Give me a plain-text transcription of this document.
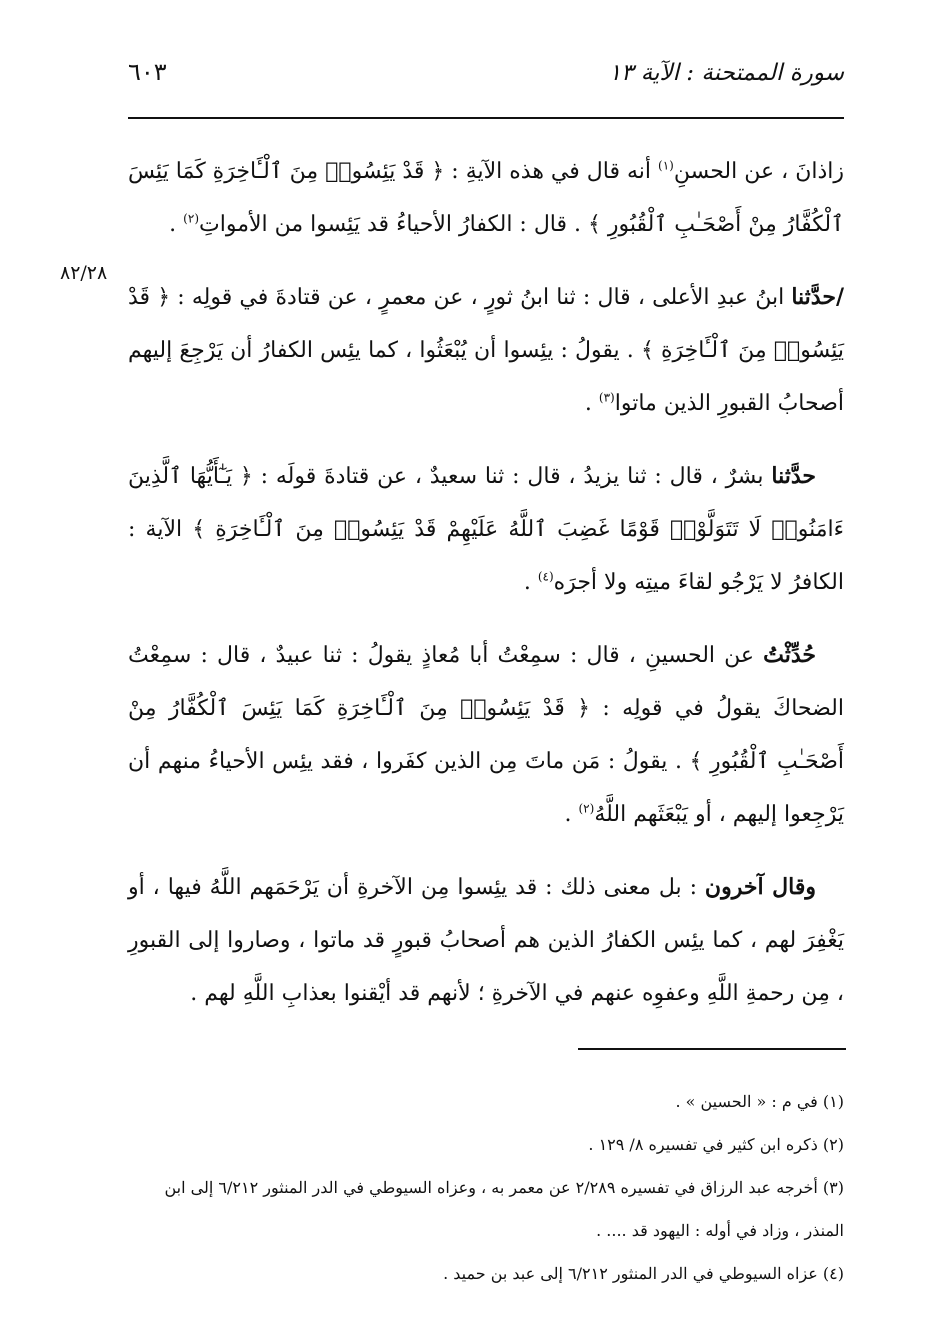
سورة الممتحنة : الآية ١٣
٦٠٣
٨٢/٢٨

زاذانَ ، عن الحسنِ$^{(١)}$ أنه قال في هذه الآيةِ : ﴿ قَدْ يَئِسُوا۟ مِنَ ٱلْـَٔاخِرَةِ كَمَا يَئِسَ ٱلْكُفَّارُ مِنْ أَصْحَـٰبِ ٱلْقُبُورِ ﴾ . قال : الكفارُ الأحياءُ قد يَئِسوا من الأمواتِ$^{(٢)}$ .

/حدَّثنا ابنُ عبدِ الأعلى ، قال : ثنا ابنُ ثورٍ ، عن معمرٍ ، عن قتادةَ في قولِه : ﴿ قَدْ يَئِسُوا۟ مِنَ ٱلْـَٔاخِرَةِ ﴾ . يقولُ : يئِسوا أن يُبْعَثُوا ، كما يئِس الكفارُ أن يَرْجِعَ إليهم أصحابُ القبورِ الذين ماتوا$^{(٣)}$ .

حدَّثنا بشرٌ ، قال : ثنا يزيدُ ، قال : ثنا سعيدٌ ، عن قتادةَ قولَه : ﴿ يَـٰٓأَيُّهَا ٱلَّذِينَ ءَامَنُوا۟ لَا تَتَوَلَّوْا۟ قَوْمًا غَضِبَ ٱللَّهُ عَلَيْهِمْ قَدْ يَئِسُوا۟ مِنَ ٱلْـَٔاخِرَةِ ﴾ الآية : الكافرُ لا يَرْجُو لقاءَ ميتِه ولا أجرَه$^{(٤)}$ .

حُدِّثْتُ عن الحسينِ ، قال : سمِعْتُ أبا مُعاذٍ يقولُ : ثنا عبيدٌ ، قال : سمِعْتُ الضحاكَ يقولُ في قولِه : ﴿ قَدْ يَئِسُوا۟ مِنَ ٱلْـَٔاخِرَةِ كَمَا يَئِسَ ٱلْكُفَّارُ مِنْ أَصْحَـٰبِ ٱلْقُبُورِ ﴾ . يقولُ : مَن ماتَ مِن الذين كفَروا ، فقد يئِس الأحياءُ منهم أن يَرْجِعوا إليهم ، أو يَبْعَثَهم اللَّهُ$^{(٢)}$ .

وقال آخرون : بل معنى ذلك : قد يئِسوا مِن الآخرةِ أن يَرْحَمَهم اللَّهُ فيها ، أو يَغْفِرَ لهم ، كما يئِس الكفارُ الذين هم أصحابُ قبورٍ قد ماتوا ، وصاروا إلى القبورِ ، مِن رحمةِ اللَّهِ وعفوِه عنهم في الآخرةِ ؛ لأنهم قد أيْقنوا بعذابِ اللَّهِ لهم .

(١) في م : « الحسين » .

(٢) ذكره ابن كثير في تفسيره ٨/ ١٢٩ .

(٣) أخرجه عبد الرزاق في تفسيره ٢/٢٨٩ عن معمر به ، وعزاه السيوطي في الدر المنثور ٦/٢١٢ إلى ابن المنذر ، وزاد في أوله : اليهود قد .... .

(٤) عزاه السيوطي في الدر المنثور ٦/٢١٢ إلى عبد بن حميد .
